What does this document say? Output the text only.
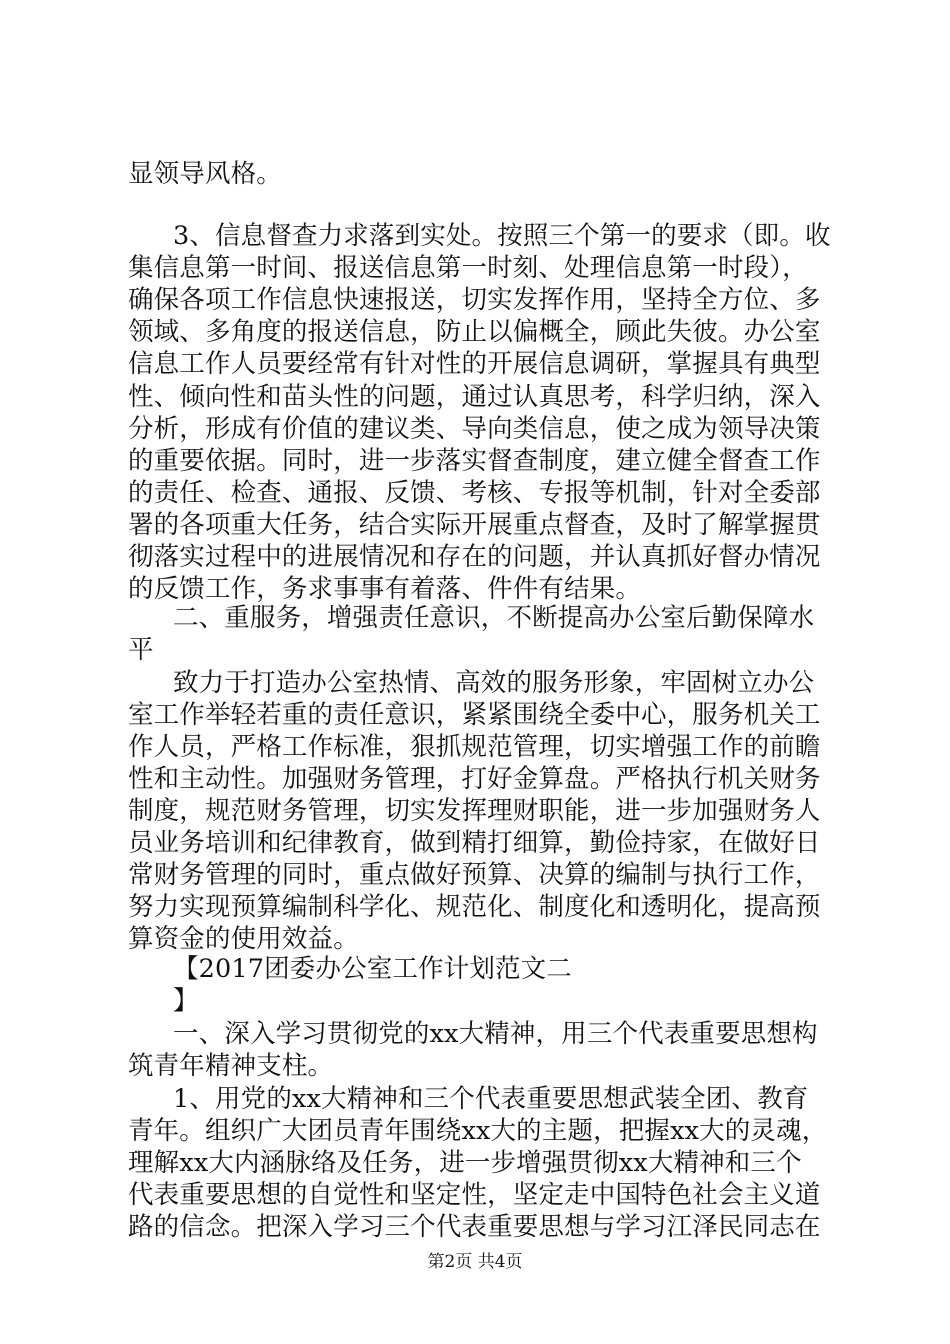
显领导风格。
3、信息督查力求落到实处。按照三个第一的要求（即。收
集信息第一时间、报送信息第一时刻、处理信息第一时段），
确保各项工作信息快速报送，切实发挥作用，坚持全方位、多
领域、多角度的报送信息，防止以偏概全，顾此失彼。办公室
信息工作人员要经常有针对性的开展信息调研，掌握具有典型
性、倾向性和苗头性的问题，通过认真思考，科学归纳，深入
分析，形成有价值的建议类、导向类信息，使之成为领导决策
的重要依据。同时，进一步落实督查制度，建立健全督查工作
的责任、检查、通报、反馈、考核、专报等机制，针对全委部
署的各项重大任务，结合实际开展重点督查，及时了解掌握贯
彻落实过程中的进展情况和存在的问题，并认真抓好督办情况
的反馈工作，务求事事有着落、件件有结果。
二、重服务，增强责任意识，不断提高办公室后勤保障水
平
致力于打造办公室热情、高效的服务形象，牢固树立办公
室工作举轻若重的责任意识，紧紧围绕全委中心，服务机关工
作人员，严格工作标准，狠抓规范管理，切实增强工作的前瞻
性和主动性。加强财务管理，打好金算盘。严格执行机关财务
制度，规范财务管理，切实发挥理财职能，进一步加强财务人
员业务培训和纪律教育，做到精打细算，勤俭持家，在做好日
常财务管理的同时，重点做好预算、决算的编制与执行工作，
努力实现预算编制科学化、规范化、制度化和透明化，提高预
算资金的使用效益。
【2017团委办公室工作计划范文二
】
一、深入学习贯彻党的xx大精神，用三个代表重要思想构
筑青年精神支柱。
1、用党的xx大精神和三个代表重要思想武装全团、教育
青年。组织广大团员青年围绕xx大的主题，把握xx大的灵魂，
理解xx大内涵脉络及任务，进一步增强贯彻xx大精神和三个
代表重要思想的自觉性和坚定性，坚定走中国特色社会主义道
路的信念。把深入学习三个代表重要思想与学习江泽民同志在
第2页 共4页
